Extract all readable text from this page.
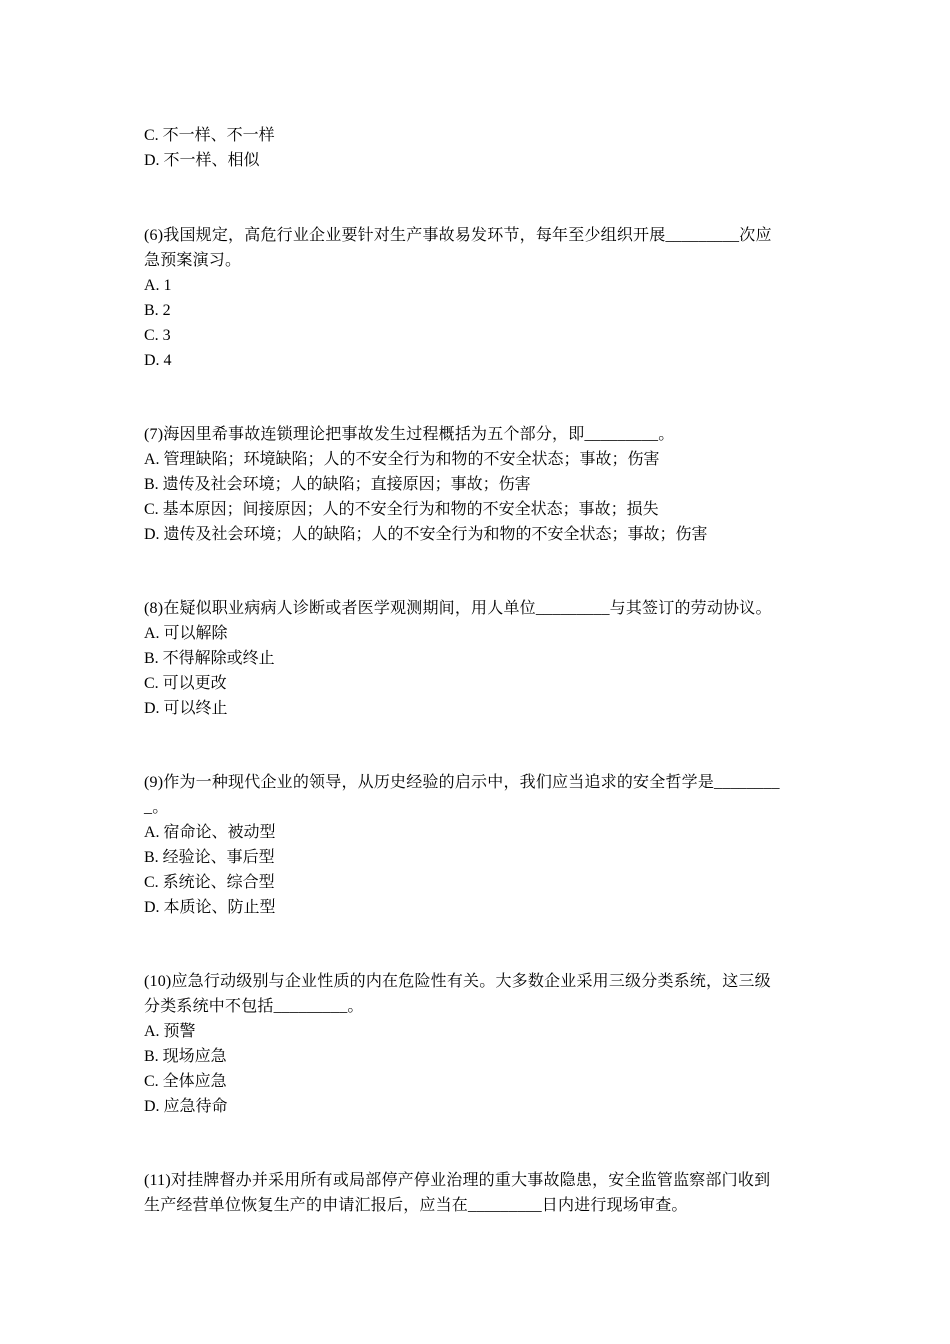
C. 不一样、不一样
D. 不一样、相似
(6)我国规定，高危行业企业要针对生产事故易发环节，每年至少组织开展_________次应
急预案演习。
A. 1
B. 2
C. 3
D. 4
(7)海因里希事故连锁理论把事故发生过程概括为五个部分，即_________。
A. 管理缺陷；环境缺陷；人的不安全行为和物的不安全状态；事故；伤害
B. 遗传及社会环境；人的缺陷；直接原因；事故；伤害
C. 基本原因；间接原因；人的不安全行为和物的不安全状态；事故；损失
D. 遗传及社会环境；人的缺陷；人的不安全行为和物的不安全状态；事故；伤害
(8)在疑似职业病病人诊断或者医学观测期间，用人单位_________与其签订的劳动协议。
A. 可以解除
B. 不得解除或终止
C. 可以更改
D. 可以终止
(9)作为一种现代企业的领导，从历史经验的启示中，我们应当追求的安全哲学是________
_。
A. 宿命论、被动型
B. 经验论、事后型
C. 系统论、综合型
D. 本质论、防止型
(10)应急行动级别与企业性质的内在危险性有关。大多数企业采用三级分类系统，这三级
分类系统中不包括_________。
A. 预警
B. 现场应急
C. 全体应急
D. 应急待命
(11)对挂牌督办并采用所有或局部停产停业治理的重大事故隐患，安全监管监察部门收到
生产经营单位恢复生产的申请汇报后，应当在_________日内进行现场审查。
